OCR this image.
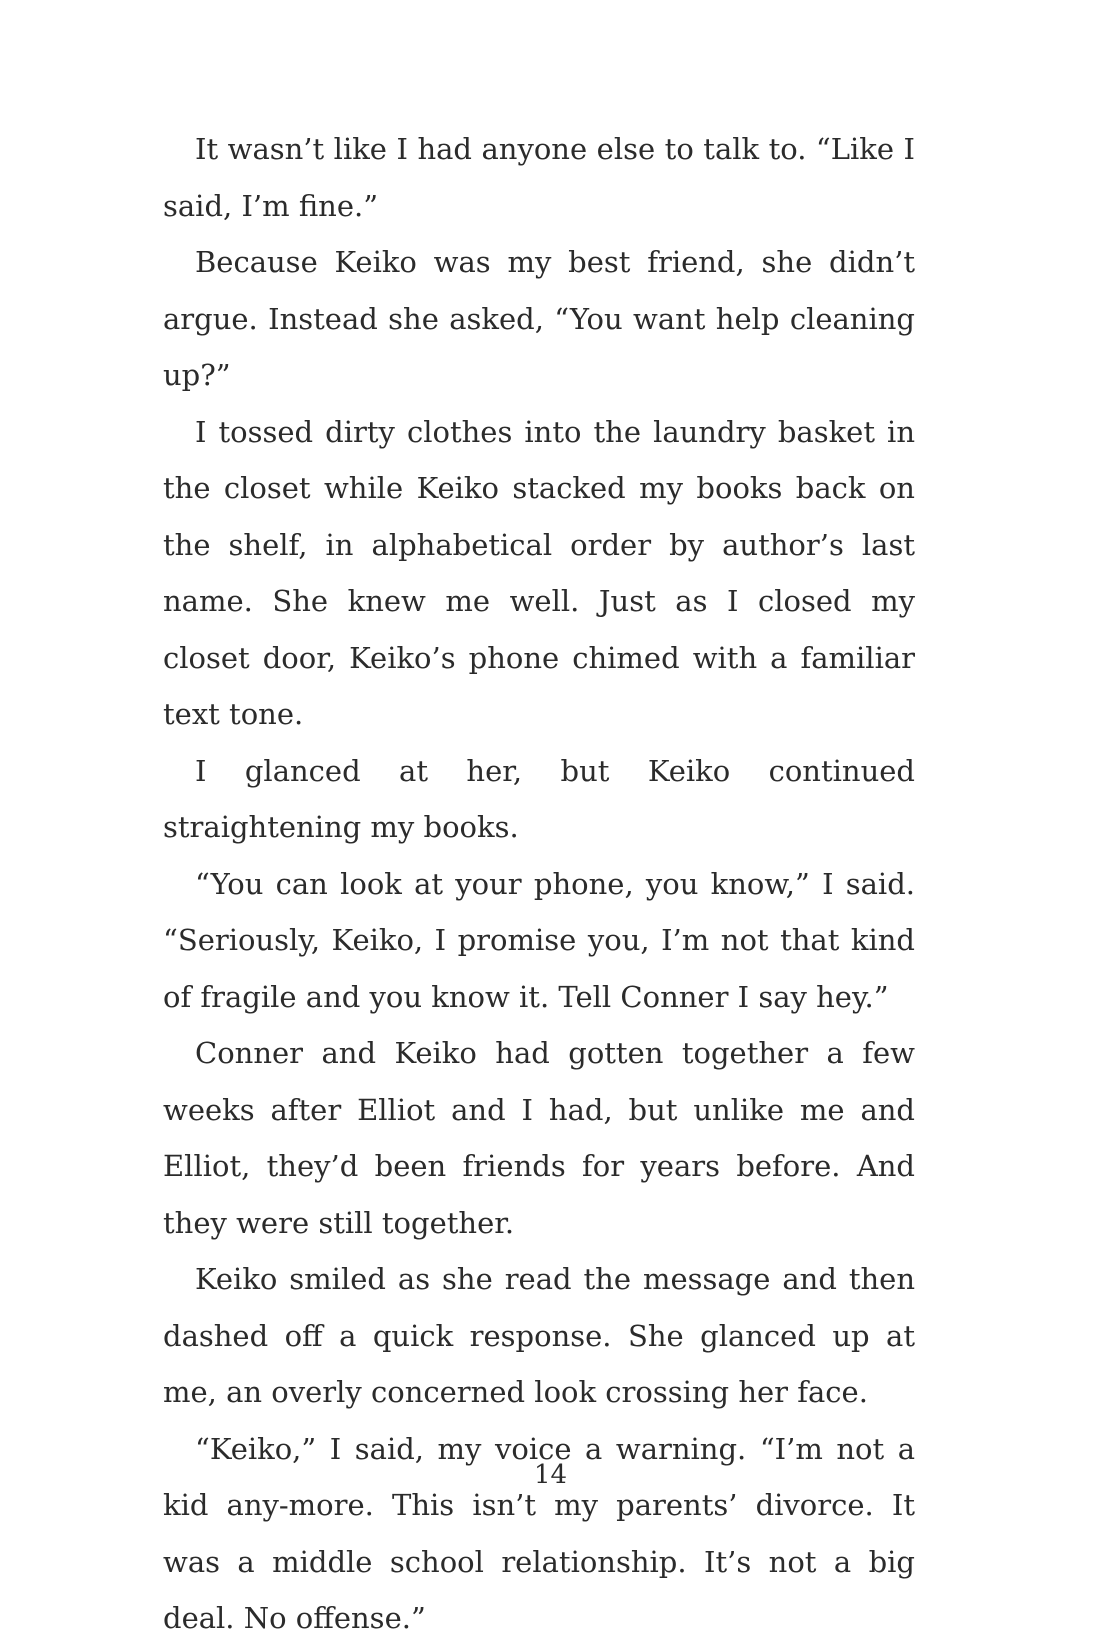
It wasn’t like I had anyone else to talk to. “Like I said, I’m fine.”

Because Keiko was my best friend, she didn’t argue. Instead she asked, “You want help cleaning up?”

I tossed dirty clothes into the laundry basket in the closet while Keiko stacked my books back on the shelf, in alphabetical order by author’s last name. She knew me well. Just as I closed my closet door, Keiko’s phone chimed with a familiar text tone.

I glanced at her, but Keiko continued straightening my books.

“You can look at your phone, you know,” I said. “Seriously, Keiko, I promise you, I’m not that kind of fragile and you know it. Tell Conner I say hey.”

Conner and Keiko had gotten together a few weeks after Elliot and I had, but unlike me and Elliot, they’d been friends for years before. And they were still together.

Keiko smiled as she read the message and then dashed off a quick response. She glanced up at me, an overly concerned look crossing her face.

“Keiko,” I said, my voice a warning. “I’m not a kid any-more. This isn’t my parents’ divorce. It was a middle school relationship. It’s not a big deal. No offense.”

14
